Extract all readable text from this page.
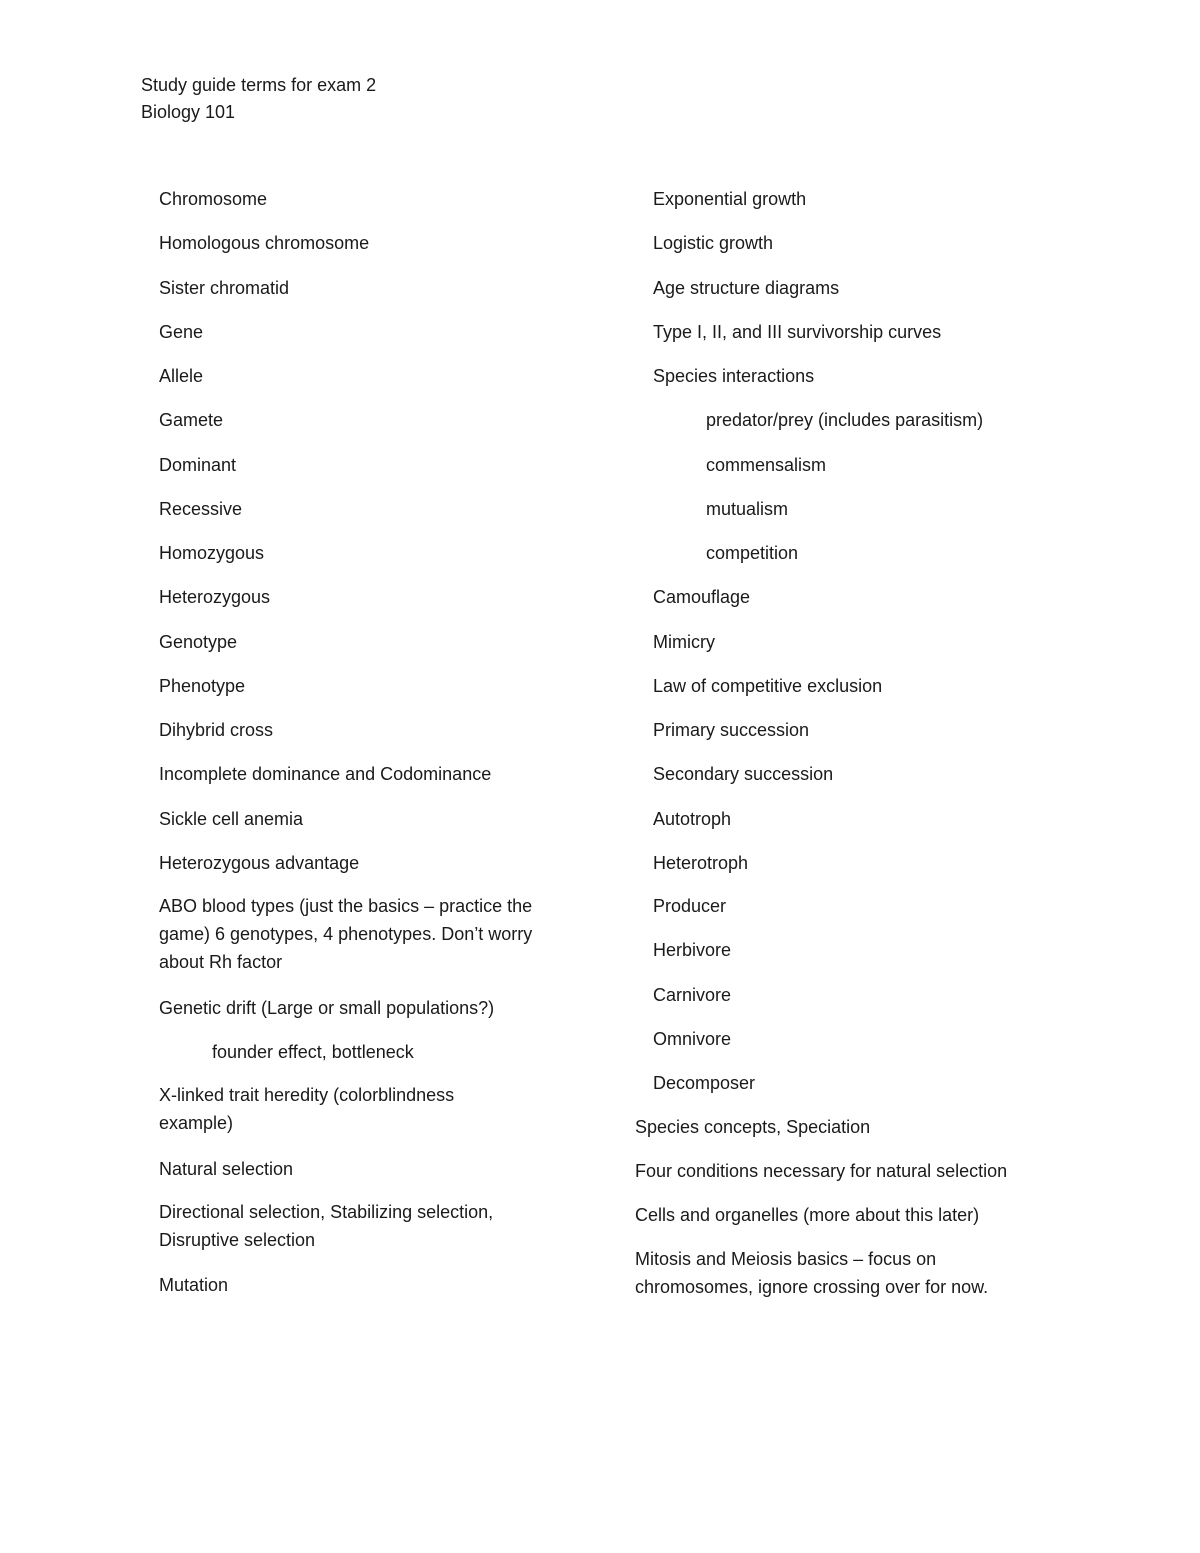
Study guide terms for exam 2
Biology 101

Chromosome

Homologous chromosome

Sister chromatid

Gene

Allele

Gamete

Dominant

Recessive

Homozygous

Heterozygous

Genotype

Phenotype

Dihybrid cross

Incomplete dominance and Codominance

Sickle cell anemia

Heterozygous advantage

ABO blood types (just the basics – practice the game) 6 genotypes, 4 phenotypes. Don’t worry about Rh factor

Genetic drift (Large or small populations?)

founder effect, bottleneck

X-linked trait heredity (colorblindness example)

Natural selection

Directional selection, Stabilizing selection, Disruptive selection

Mutation

Exponential growth

Logistic growth

Age structure diagrams

Type I, II, and III survivorship curves

Species interactions

predator/prey (includes parasitism)

commensalism

mutualism

competition

Camouflage

Mimicry

Law of competitive exclusion

Primary succession

Secondary succession

Autotroph

Heterotroph

Producer

Herbivore

Carnivore

Omnivore

Decomposer

Species concepts, Speciation

Four conditions necessary for natural selection

Cells and organelles (more about this later)

Mitosis and Meiosis basics – focus on chromosomes, ignore crossing over for now.
